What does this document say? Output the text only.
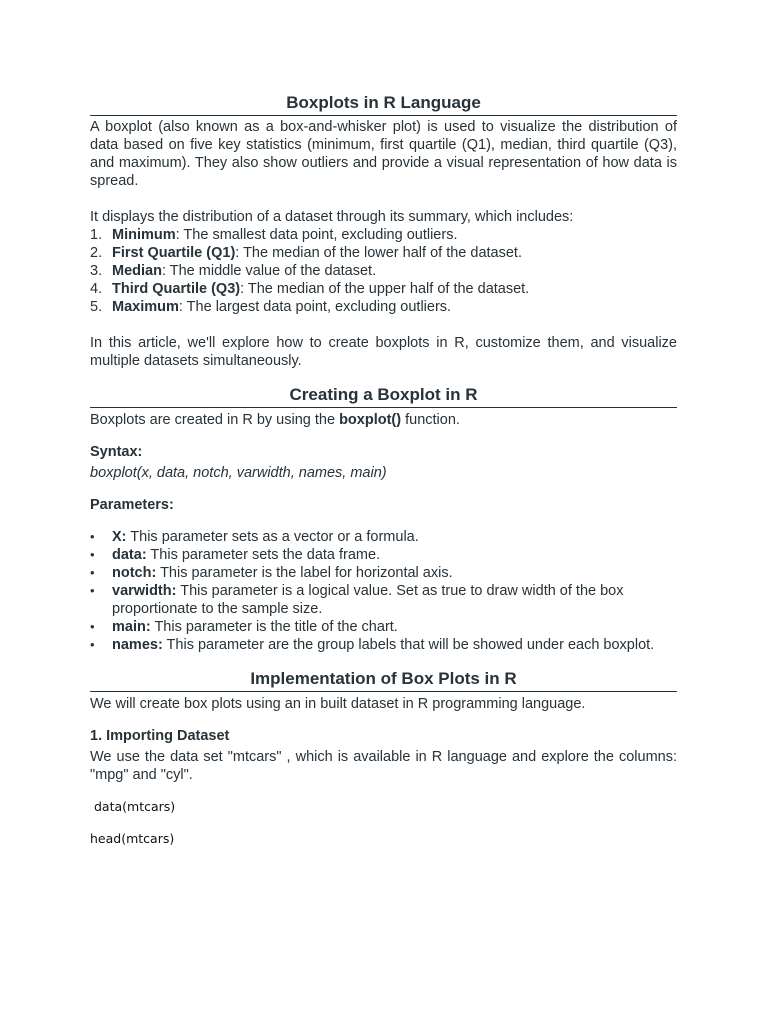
Boxplots in R Language

A boxplot (also known as a box-and-whisker plot) is used to visualize the distribution of data based on five key statistics (minimum, first quartile (Q1), median, third quartile (Q3), and maximum). They also show outliers and provide a visual representation of how data is spread.

It displays the distribution of a dataset through its summary, which includes:

1. Minimum: The smallest data point, excluding outliers.
2. First Quartile (Q1): The median of the lower half of the dataset.
3. Median: The middle value of the dataset.
4. Third Quartile (Q3): The median of the upper half of the dataset.
5. Maximum: The largest data point, excluding outliers.

In this article, we'll explore how to create boxplots in R, customize them, and visualize multiple datasets simultaneously.

Creating a Boxplot in R

Boxplots are created in R by using the boxplot() function.

Syntax:
boxplot(x, data, notch, varwidth, names, main)
Parameters:
•	X: This parameter sets as a vector or a formula.
•	data: This parameter sets the data frame.
•	notch: This parameter is the label for horizontal axis.
•	varwidth: This parameter is a logical value. Set as true to draw width of the box proportionate to the sample size.
•	main: This parameter is the title of the chart.
•	names: This parameter are the group labels that will be showed under each boxplot.
Implementation of Box Plots in R

We will create box plots using an in built dataset in R programming language.

1. Importing Dataset

We use the data set "mtcars" , which is available in R language and explore the columns: "mpg" and "cyl".

data(mtcars)
head(mtcars)
